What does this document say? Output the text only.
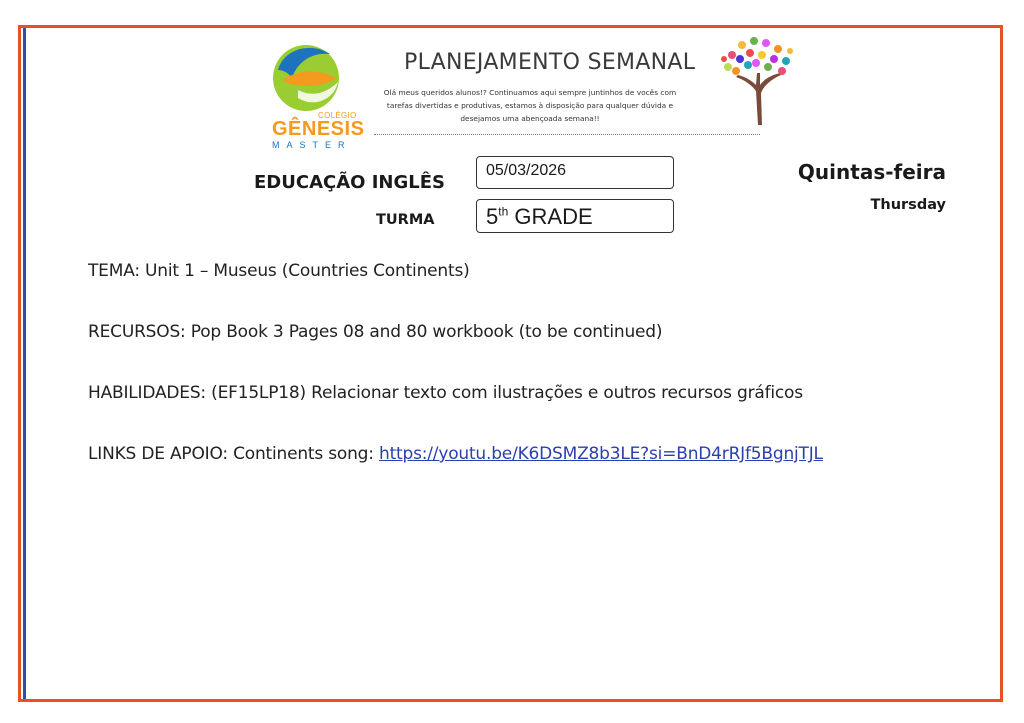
COLÉGIO
GÊNESIS
MASTER
PLANEJAMENTO SEMANAL
Olá meus queridos alunos!? Continuamos aqui sempre juntinhos de vocês com tarefas divertidas e produtivas, estamos à disposição para qualquer dúvida e desejamos uma abençoada semana!!
EDUCAÇÃO INGLÊS
TURMA
05/03/2026
5th GRADE
Quintas-feira
Thursday
TEMA: Unit 1 – Museus (Countries Continents)
RECURSOS: Pop Book 3 Pages 08 and 80 workbook (to be continued)
HABILIDADES: (EF15LP18) Relacionar texto com ilustrações e outros recursos gráficos
LINKS DE APOIO: Continents song: https://youtu.be/K6DSMZ8b3LE?si=BnD4rRJf5BgnjTJL
